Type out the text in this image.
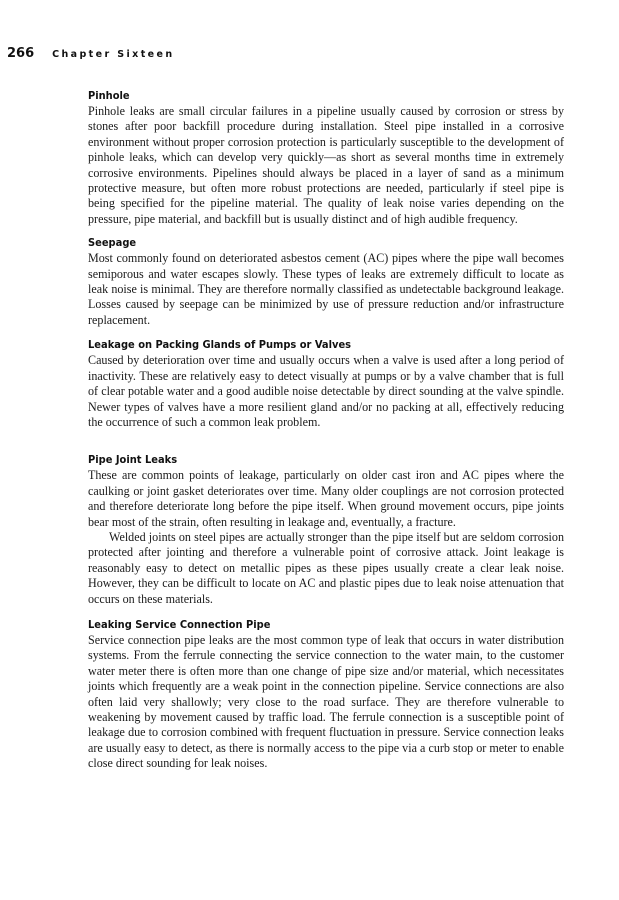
266 Chapter Sixteen
Pinhole

Pinhole leaks are small circular failures in a pipeline usually caused by corrosion or stress by stones after poor backfill procedure during installation. Steel pipe installed in a corrosive environment without proper corrosion protection is particularly susceptible to the development of pinhole leaks, which can develop very quickly—as short as several months time in extremely corrosive environments. Pipelines should always be placed in a layer of sand as a minimum protective measure, but often more robust protections are needed, particularly if steel pipe is being specified for the pipeline material. The quality of leak noise varies depending on the pressure, pipe material, and backfill but is usually distinct and of high audible frequency.

Seepage

Most commonly found on deteriorated asbestos cement (AC) pipes where the pipe wall becomes semiporous and water escapes slowly. These types of leaks are extremely difficult to locate as leak noise is minimal. They are therefore normally classified as undetectable background leakage. Losses caused by seepage can be minimized by use of pressure reduction and/or infrastructure replacement.

Leakage on Packing Glands of Pumps or Valves

Caused by deterioration over time and usually occurs when a valve is used after a long period of inactivity. These are relatively easy to detect visually at pumps or by a valve chamber that is full of clear potable water and a good audible noise detectable by direct sounding at the valve spindle. Newer types of valves have a more resilient gland and/or no packing at all, effectively reducing the occurrence of such a common leak problem.

Pipe Joint Leaks

These are common points of leakage, particularly on older cast iron and AC pipes where the caulking or joint gasket deteriorates over time. Many older couplings are not corrosion protected and therefore deteriorate long before the pipe itself. When ground movement occurs, pipe joints bear most of the strain, often resulting in leakage and, eventually, a fracture.

Welded joints on steel pipes are actually stronger than the pipe itself but are seldom corrosion protected after jointing and therefore a vulnerable point of corrosive attack. Joint leakage is reasonably easy to detect on metallic pipes as these pipes usually create a clear leak noise. However, they can be difficult to locate on AC and plastic pipes due to leak noise attenuation that occurs on these materials.

Leaking Service Connection Pipe

Service connection pipe leaks are the most common type of leak that occurs in water distribution systems. From the ferrule connecting the service connection to the water main, to the customer water meter there is often more than one change of pipe size and/or material, which necessitates joints which frequently are a weak point in the connection pipeline. Service connections are also often laid very shallowly; very close to the road surface. They are therefore vulnerable to weakening by movement caused by traffic load. The ferrule connection is a susceptible point of leakage due to corrosion combined with frequent fluctuation in pressure. Service connection leaks are usually easy to detect, as there is normally access to the pipe via a curb stop or meter to enable close direct sounding for leak noises.
